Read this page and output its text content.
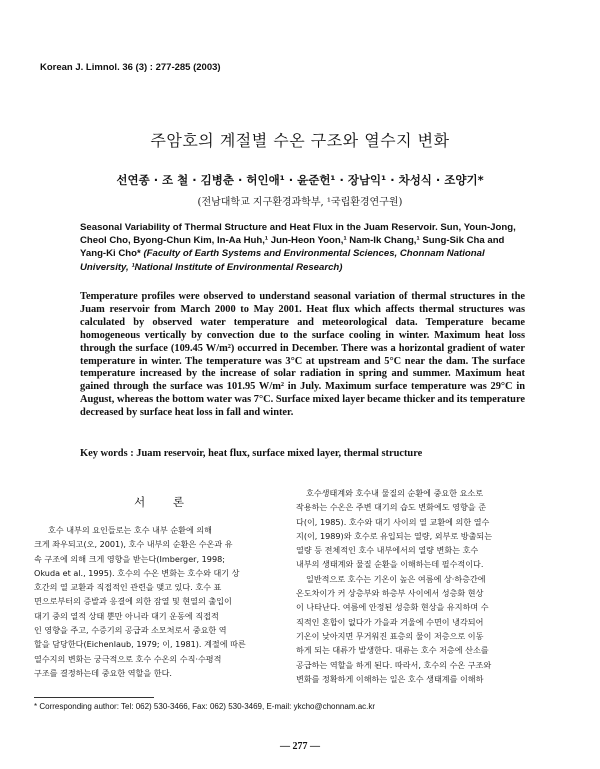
Korean J. Limnol. 36 (3) : 277-285 (2003)
주암호의 계절별 수온 구조와 열수지 변화
선연종 · 조 철 · 김병춘 · 허인애¹ · 윤준헌¹ · 장남익¹ · 차성식 · 조양기*
(전남대학교 지구환경과학부, ¹국립환경연구원)
Seasonal Variability of Thermal Structure and Heat Flux in the Juam Reservoir. Sun, Youn-Jong, Cheol Cho, Byong-Chun Kim, In-Aa Huh,¹ Jun-Heon Yoon,¹ Nam-Ik Chang,¹ Sung-Sik Cha and Yang-Ki Cho* (Faculty of Earth Systems and Environmental Sciences, Chonnam National University, ¹National Institute of Environmental Research)
Temperature profiles were observed to understand seasonal variation of thermal structures in the Juam reservoir from March 2000 to May 2001. Heat flux which affects thermal structures was calculated by observed water temperature and meteorological data. Temperature became homogeneous vertically by convection due to the surface cooling in winter. Maximum heat loss through the surface (109.45 W/m²) occurred in December. There was a horizontal gradient of water temperature in winter. The temperature was 3°C at upstream and 5°C near the dam. The surface temperature increased by the increase of solar radiation in spring and summer. Maximum heat gained through the surface was 101.95 W/m² in July. Maximum surface temperature was 29°C in August, whereas the bottom water was 7°C. Surface mixed layer became thicker and its temperature decreased by surface heat loss in fall and winter.
Key words : Juam reservoir, heat flux, surface mixed layer, thermal structure
서 론
호수 내부의 요인들로는 호수 내부 순환에 의해
크게 좌우되고(오, 2001), 호수 내부의 순환은 수온과 유
속 구조에 의해 크게 영향을 받는다(Imberger, 1998;
Okuda et al., 1995). 호수의 수온 변화는 호수와 대기 상
호간의 열 교환과 직접적인 관련을 맺고 있다. 호수 표
면으로부터의 증발과 응결에 의한 잠열 및 현열의 출입이
대기 중의 열적 상태 뿐만 아니라 대기 운동에 직접적
인 영향을 주고, 수증기의 공급과 소모처로서 중요한 역
할을 담당한다(Eichenlaub, 1979; 이, 1981). 계절에 따른
열수지의 변화는 궁극적으로 호수 수온의 수직·수평적
구조를 결정하는데 중요한 역할을 한다.
호수생태계와 호수내 물질의 순환에 중요한 요소로
작용하는 수온은 주변 대기의 습도 변화에도 영향을 준
다(이, 1985). 호수와 대기 사이의 열 교환에 의한 열수
지(이, 1989)와 호수로 유입되는 열량, 외부로 방출되는
열량 등 전체적인 호수 내부에서의 열량 변화는 호수
내부의 생태계와 물질 순환을 이해하는데 필수적이다.
일반적으로 호수는 기온이 높은 여름에 상·하층간에
온도차이가 커 상층부와 하층부 사이에서 성층화 현상
이 나타난다. 여름에 안정된 성층화 현상을 유지하며 수
직적인 혼합이 없다가 가을과 겨울에 수면이 냉각되어
기온이 낮아지면 무거워진 표층의 물이 저층으로 이동
하게 되는 대류가 발생한다. 대류는 호수 저층에 산소를
공급하는 역할을 하게 된다. 따라서, 호수의 수온 구조와
변화를 정확하게 이해하는 일은 호수 생태계를 이해하
* Corresponding author: Tel: 062) 530-3466, Fax: 062) 530-3469, E-mail: ykcho@chonnam.ac.kr
— 277 —
